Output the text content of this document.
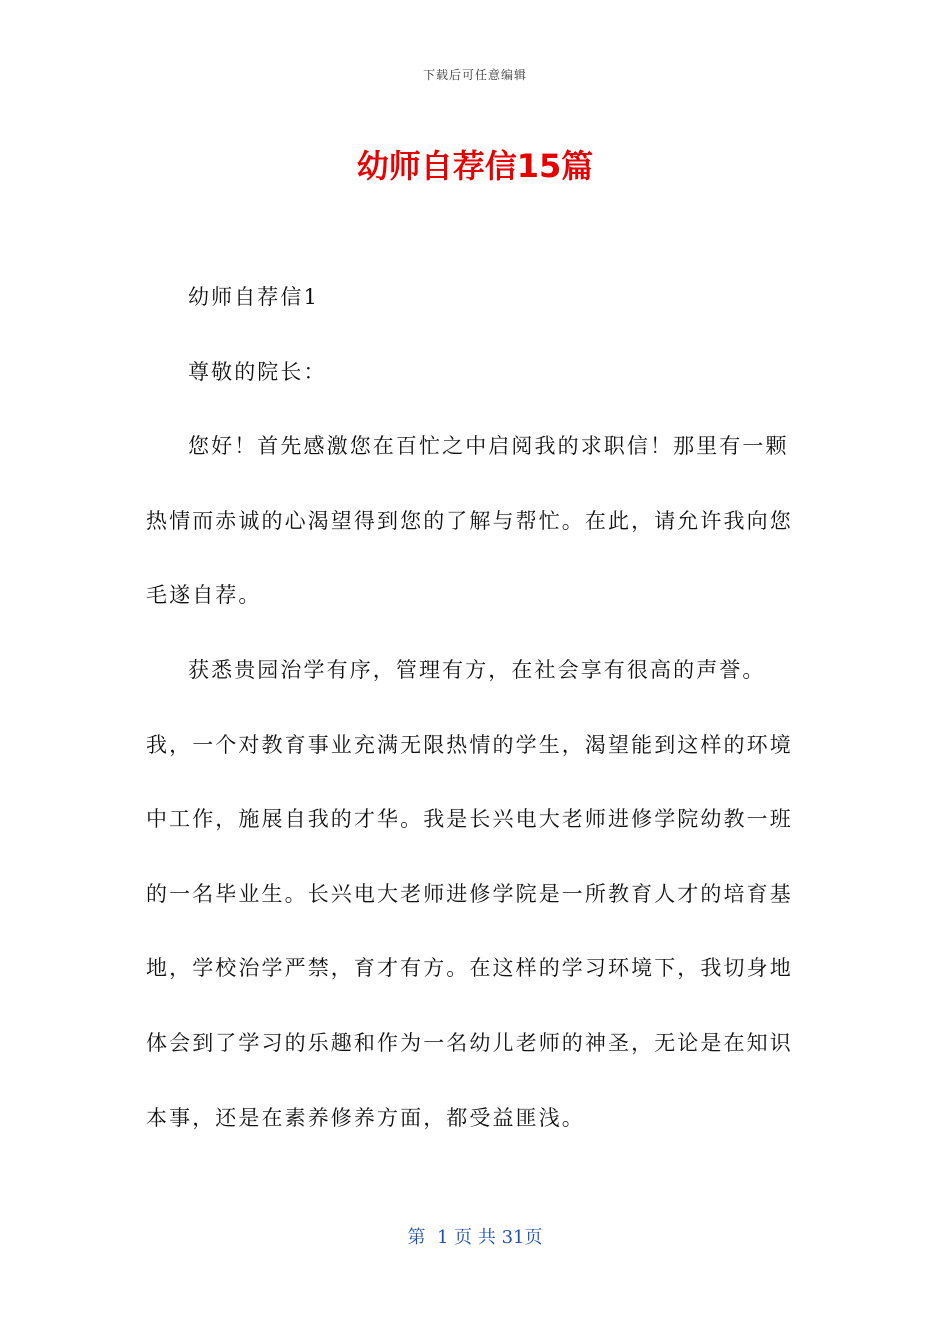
下载后可任意编辑
幼师自荐信15篇

幼师自荐信1

尊敬的院长：

您好！首先感激您在百忙之中启阅我的求职信！那里有一颗热情而赤诚的心渴望得到您的了解与帮忙。在此，请允许我向您毛遂自荐。

获悉贵园治学有序，管理有方，在社会享有很高的声誉。我，一个对教育事业充满无限热情的学生，渴望能到这样的环境中工作，施展自我的才华。我是长兴电大老师进修学院幼教一班的一名毕业生。长兴电大老师进修学院是一所教育人才的培育基地，学校治学严禁，育才有方。在这样的学习环境下，我切身地体会到了学习的乐趣和作为一名幼儿老师的神圣，无论是在知识本事，还是在素养修养方面，都受益匪浅。

第  1 页 共 31页
